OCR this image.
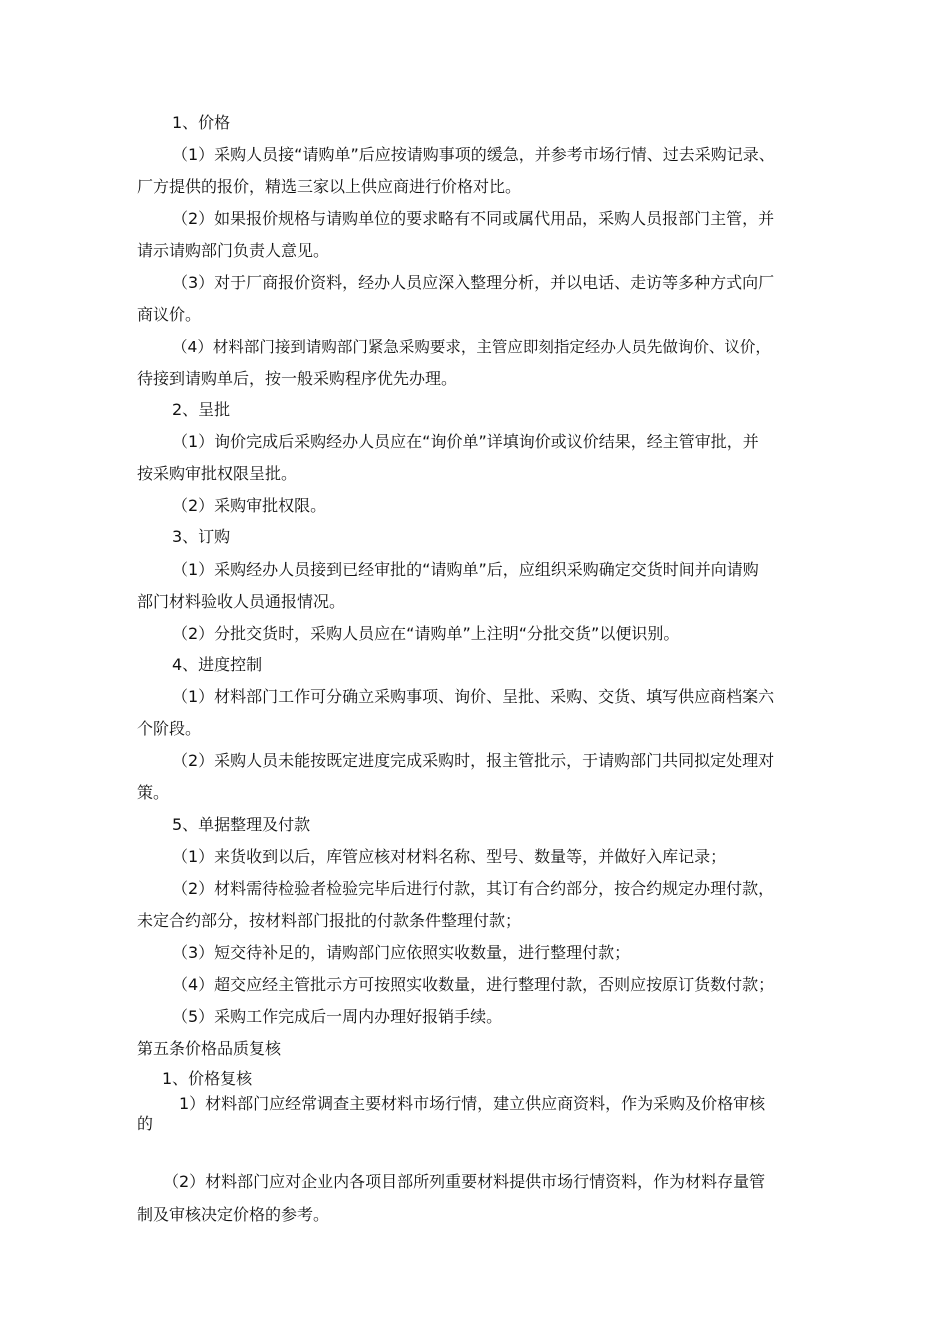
1、价格
（1）采购人员接“请购单”后应按请购事项的缓急，并参考市场行情、过去采购记录、
厂方提供的报价，精选三家以上供应商进行价格对比。
（2）如果报价规格与请购单位的要求略有不同或属代用品，采购人员报部门主管，并
请示请购部门负责人意见。
（3）对于厂商报价资料，经办人员应深入整理分析，并以电话、走访等多种方式向厂
商议价。
（4）材料部门接到请购部门紧急采购要求，主管应即刻指定经办人员先做询价、议价，
待接到请购单后，按一般采购程序优先办理。
2、呈批
（1）询价完成后采购经办人员应在“询价单”详填询价或议价结果，经主管审批，并
按采购审批权限呈批。
（2）采购审批权限。
3、订购
（1）采购经办人员接到已经审批的“请购单”后，应组织采购确定交货时间并向请购
部门材料验收人员通报情况。
（2）分批交货时，采购人员应在“请购单”上注明“分批交货”以便识别。
4、进度控制
（1）材料部门工作可分确立采购事项、询价、呈批、采购、交货、填写供应商档案六
个阶段。
（2）采购人员未能按既定进度完成采购时，报主管批示，于请购部门共同拟定处理对
策。
5、单据整理及付款
（1）来货收到以后，库管应核对材料名称、型号、数量等，并做好入库记录；
（2）材料需待检验者检验完毕后进行付款，其订有合约部分，按合约规定办理付款，
未定合约部分，按材料部门报批的付款条件整理付款；
（3）短交待补足的，请购部门应依照实收数量，进行整理付款；
（4）超交应经主管批示方可按照实收数量，进行整理付款，否则应按原订货数付款；
（5）采购工作完成后一周内办理好报销手续。
第五条价格品质复核
1、价格复核
1）材料部门应经常调查主要材料市场行情，建立供应商资料，作为采购及价格审核
的
（2）材料部门应对企业内各项目部所列重要材料提供市场行情资料，作为材料存量管
制及审核决定价格的参考。
